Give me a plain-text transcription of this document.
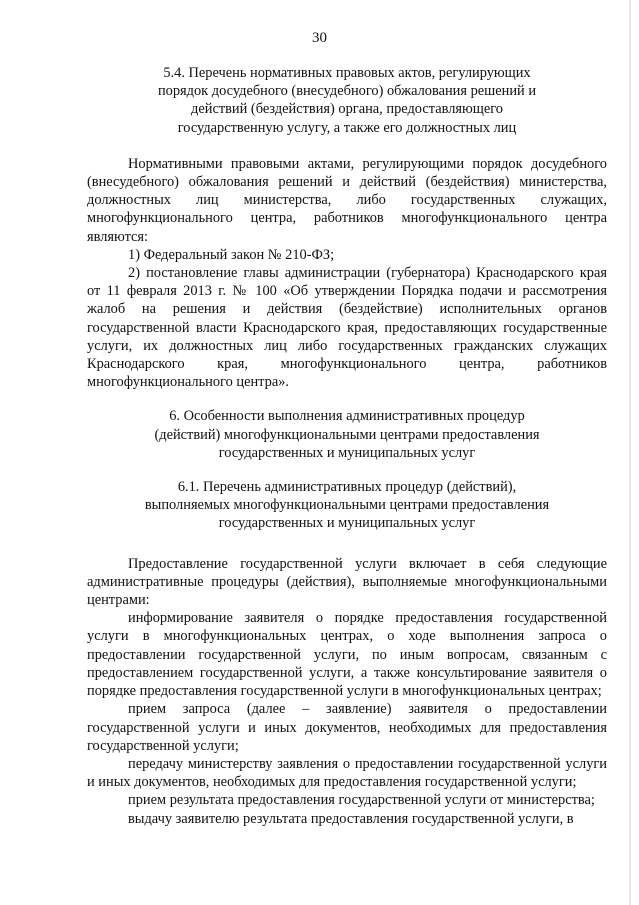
30
5.4. Перечень нормативных правовых актов, регулирующих
порядок досудебного (внесудебного) обжалования решений и
действий (бездействия) органа, предоставляющего
государственную услугу, а также его должностных лиц

Нормативными правовыми актами, регулирующими порядок досудебного (внесудебного) обжалования решений и действий (бездействия) министерства, должностных лиц министерства, либо государственных служащих, многофункционального центра, работников многофункционального центра являются:

1) Федеральный закон № 210-ФЗ;

2) постановление главы администрации (губернатора) Краснодарского края от 11 февраля 2013 г. № 100 «Об утверждении Порядка подачи и рассмотрения жалоб на решения и действия (бездействие) исполнительных органов государственной власти Краснодарского края, предоставляющих государственные услуги, их должностных лиц либо государственных гражданских служащих Краснодарского края, многофункционального центра, работников многофункционального центра».

6. Особенности выполнения административных процедур
(действий) многофункциональными центрами предоставления
государственных и муниципальных услуг
6.1. Перечень административных процедур (действий),
выполняемых многофункциональными центрами предоставления
государственных и муниципальных услуг

Предоставление государственной услуги включает в себя следующие административные процедуры (действия), выполняемые многофункциональными центрами:

информирование заявителя о порядке предоставления государственной услуги в многофункциональных центрах, о ходе выполнения запроса о предоставлении государственной услуги, по иным вопросам, связанным с предоставлением государственной услуги, а также консультирование заявителя о порядке предоставления государственной услуги в многофункциональных центрах;

прием запроса (далее – заявление) заявителя о предоставлении государственной услуги и иных документов, необходимых для предоставления государственной услуги;

передачу министерству заявления о предоставлении государственной услуги и иных документов, необходимых для предоставления государственной услуги;

прием результата предоставления государственной услуги от министерства;

выдачу заявителю результата предоставления государственной услуги, в
